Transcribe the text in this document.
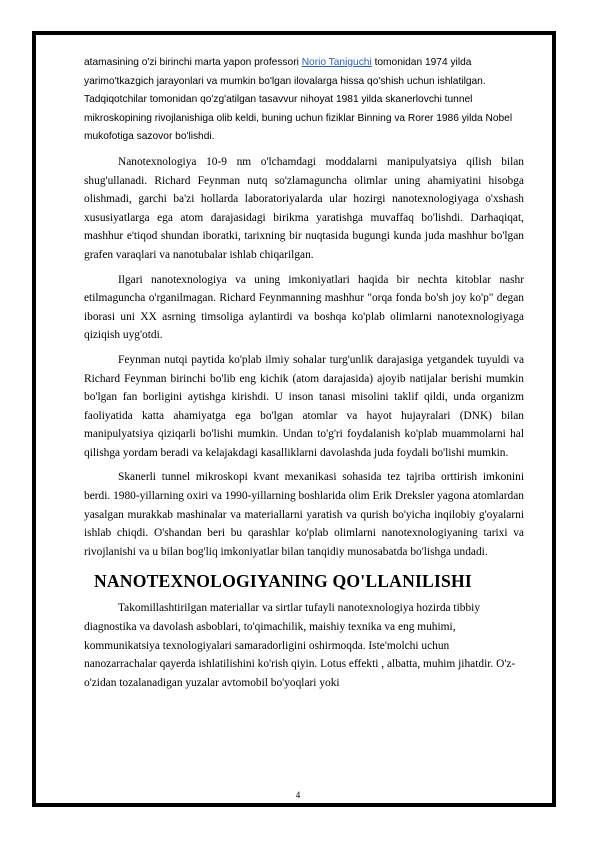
​

atamasining o'zi birinchi marta yapon professori Norio Taniguchi tomonidan 1974 yilda yarimo'tkazgich jarayonlari va mumkin bo'lgan ilovalarga hissa qo'shish uchun ishlatilgan. Tadqiqotchilar tomonidan qo'zg'atilgan tasavvur nihoyat 1981 yilda skanerlovchi tunnel mikroskopining rivojlanishiga olib keldi, buning uchun fiziklar Binning va Rorer 1986 yilda Nobel mukofotiga sazovor bo'lishdi.

Nanotexnologiya 10-9 nm o'lchamdagi moddalarni manipulyatsiya qilish bilan shug'ullanadi. Richard Feynman nutq so'zlamaguncha olimlar uning ahamiyatini hisobga olishmadi, garchi ba'zi hollarda laboratoriyalarda ular hozirgi nanotexnologiyaga o'xshash xususiyatlarga ega atom darajasidagi birikma yaratishga muvaffaq bo'lishdi. Darhaqiqat, mashhur e'tiqod shundan iboratki, tarixning bir nuqtasida bugungi kunda juda mashhur bo'lgan grafen varaqlari va nanotubalar ishlab chiqarilgan.

Ilgari nanotexnologiya va uning imkoniyatlari haqida bir nechta kitoblar nashr etilmaguncha o'rganilmagan. Richard Feynmanning mashhur "orqa fonda bo'sh joy ko'p" degan iborasi uni XX asrning timsoliga aylantirdi va boshqa ko'plab olimlarni nanotexnologiyaga qiziqish uyg'otdi.

Feynman nutqi paytida ko'plab ilmiy sohalar turg'unlik darajasiga yetgandek tuyuldi va Richard Feynman birinchi bo'lib eng kichik (atom darajasida) ajoyib natijalar berishi mumkin bo'lgan fan borligini aytishga kirishdi. U inson tanasi misolini taklif qildi, unda organizm faoliyatida katta ahamiyatga ega bo'lgan atomlar va hayot hujayralari (DNK) bilan manipulyatsiya qiziqarli bo'lishi mumkin. Undan to'g'ri foydalanish ko'plab muammolarni hal qilishga yordam beradi va kelajakdagi kasalliklarni davolashda juda foydali bo'lishi mumkin.

Skanerli tunnel mikroskopi kvant mexanikasi sohasida tez tajriba orttirish imkonini berdi. 1980-yillarning oxiri va 1990-yillarning boshlarida olim Erik Dreksler yagona atomlardan yasalgan murakkab mashinalar va materiallarni yaratish va qurish bo'yicha inqilobiy g'oyalarni ishlab chiqdi. O'shandan beri bu qarashlar ko'plab olimlarni nanotexnologiyaning tarixi va rivojlanishi va u bilan bog'liq imkoniyatlar bilan tanqidiy munosabatda bo'lishga undadi.

NANOTEXNOLOGIYANING QO'LLANILISHI

Takomillashtirilgan materiallar va sirtlar tufayli nanotexnologiya hozirda tibbiy diagnostika va davolash asboblari, to'qimachilik, maishiy texnika va eng muhimi, kommunikatsiya texnologiyalari samaradorligini oshirmoqda. Iste'molchi uchun nanozarrachalar qayerda ishlatilishini ko'rish qiyin. Lotus effekti , albatta, muhim jihatdir. O'z-o'zidan tozalanadigan yuzalar avtomobil bo'yoqlari yoki

4
